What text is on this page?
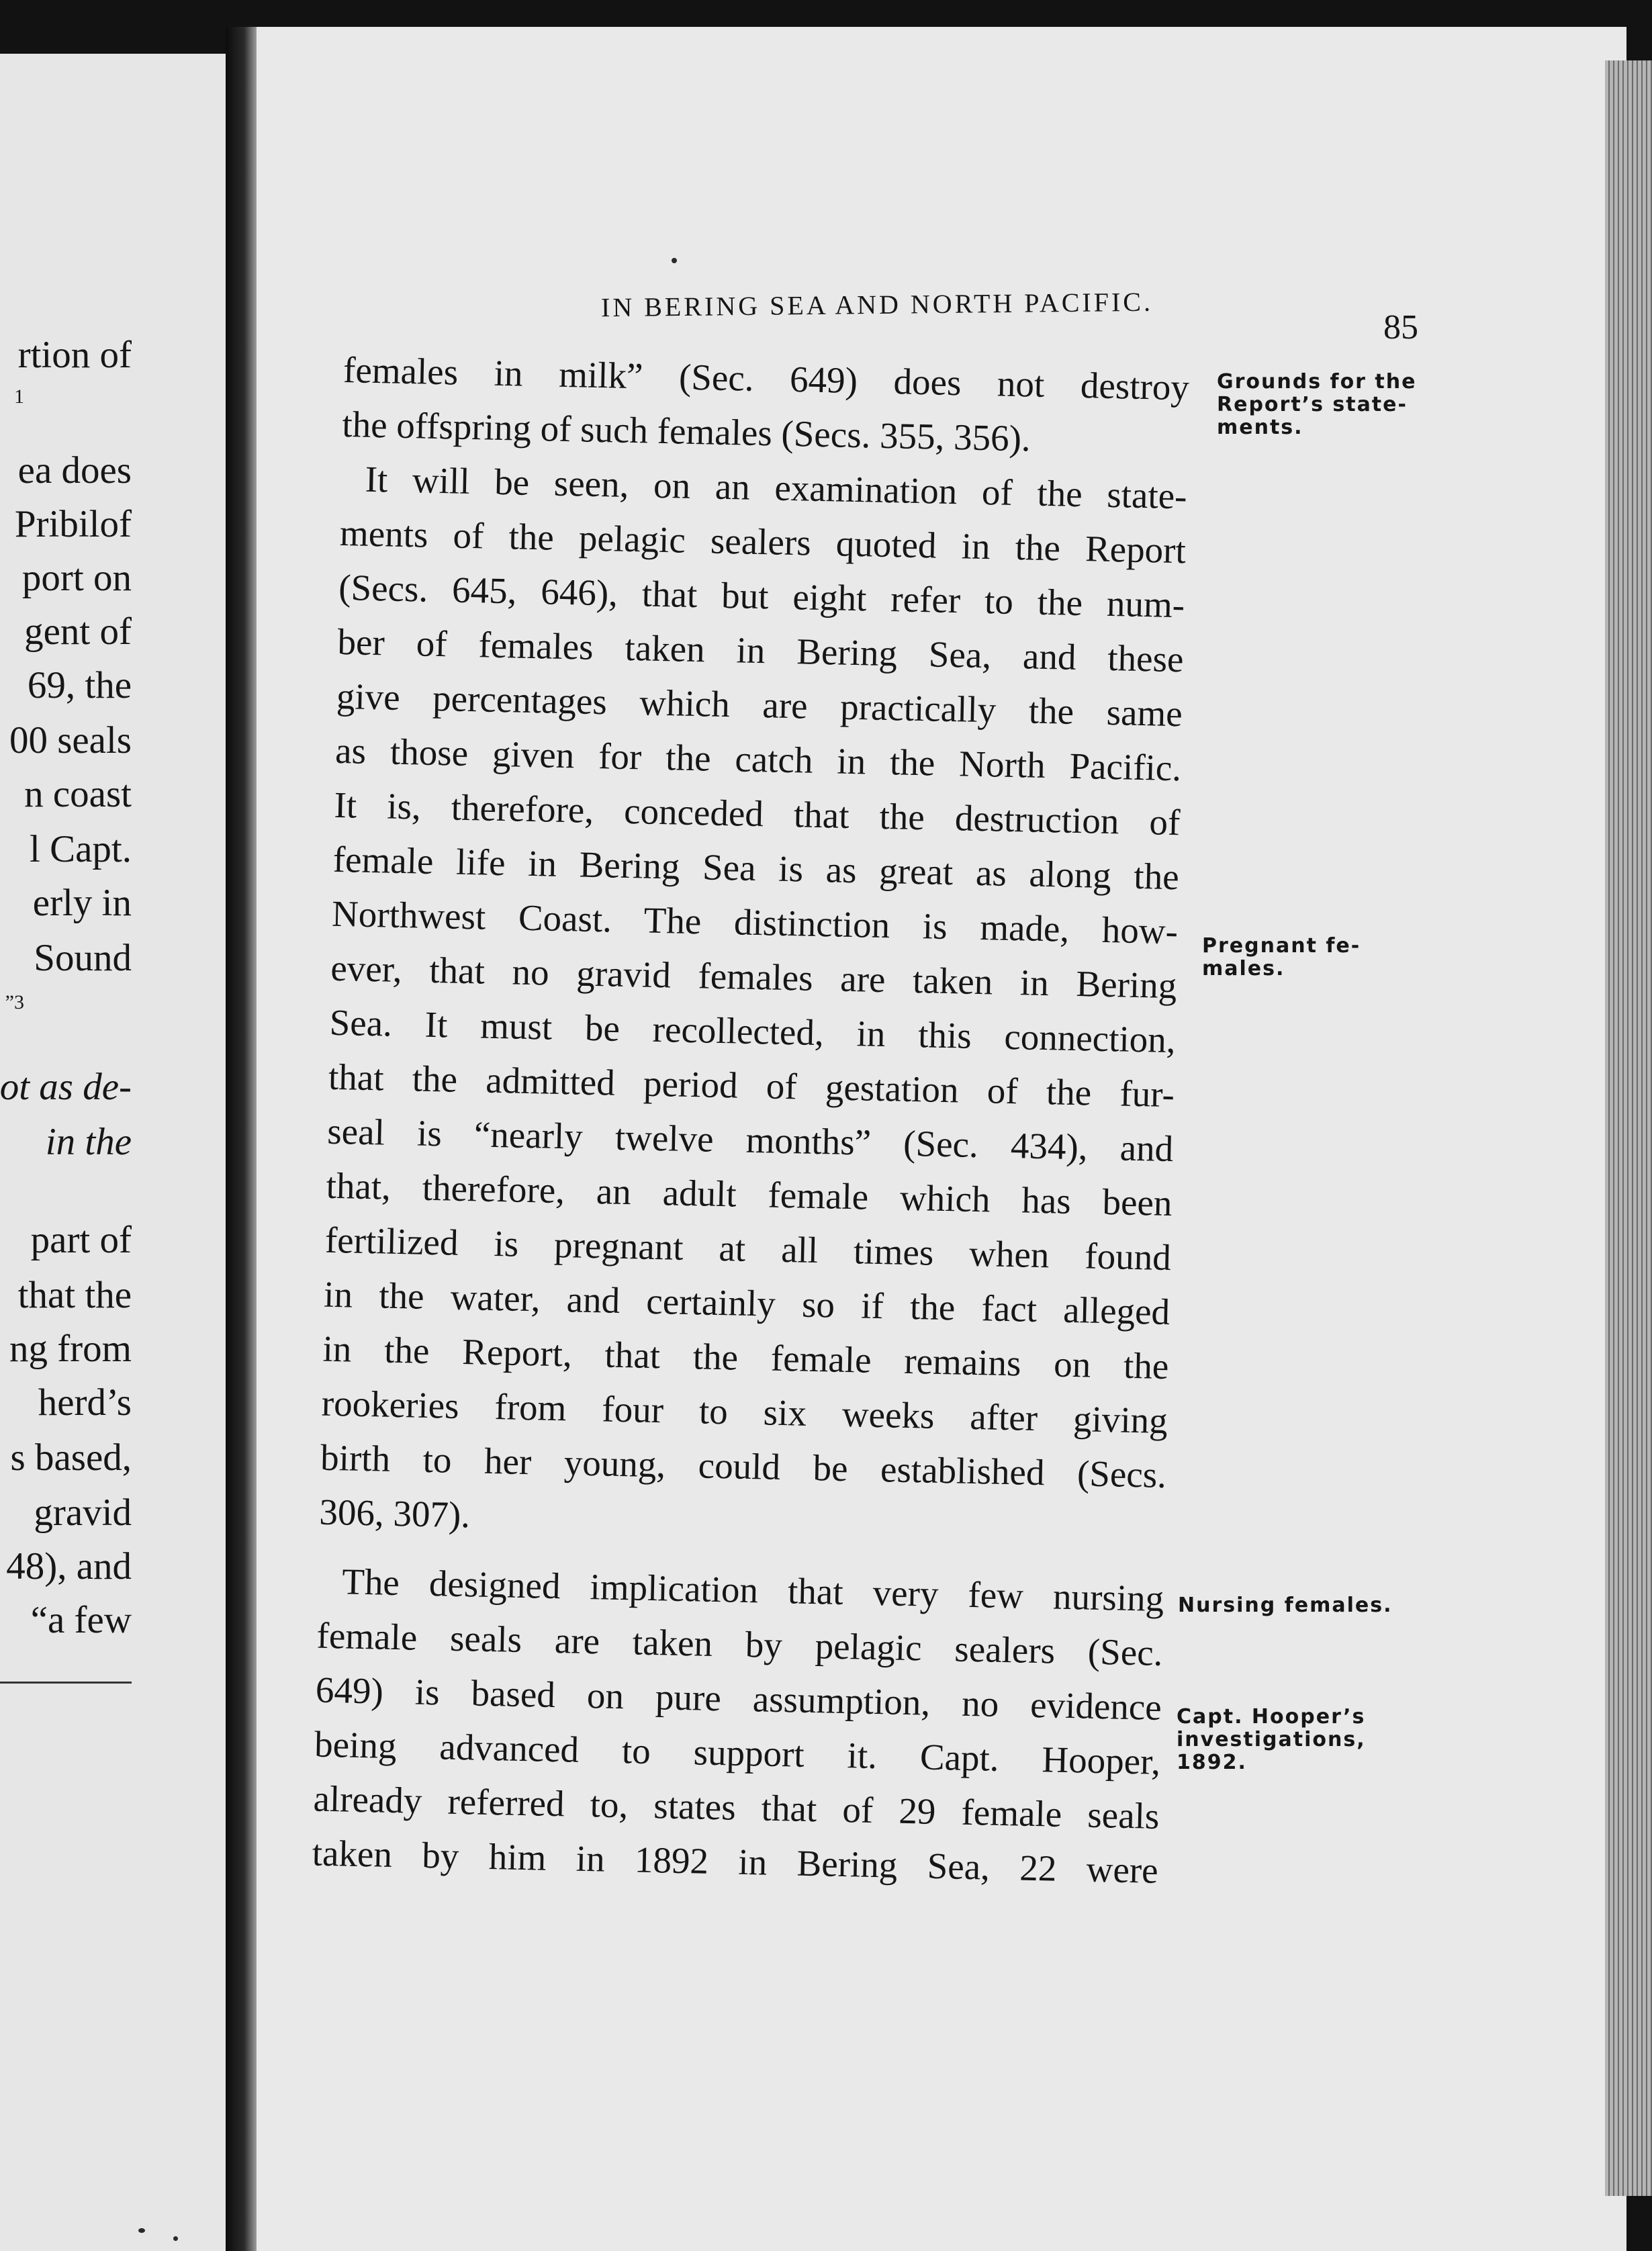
rtion of
1
ea does
Pribilof
port on
gent of
69, the
00 seals
n coast
l Capt.
erly in
Sound
”3
ot as de-
in the
part of
that the
ng from
herd’s
s based,
gravid
48), and
“a few
IN BERING SEA AND NORTH PACIFIC.
85
females in milk” (Sec. 649) does not destroy
the offspring of such females (Secs. 355, 356).
It will be seen, on an examination of the state-
ments of the pelagic sealers quoted in the Report
(Secs. 645, 646), that but eight refer to the num-
ber of females taken in Bering Sea, and these
give percentages which are practically the same
as those given for the catch in the North Pacific.
It is, therefore, conceded that the destruction of
female life in Bering Sea is as great as along the
Northwest Coast. The distinction is made, how-
ever, that no gravid females are taken in Bering
Sea. It must be recollected, in this connection,
that the admitted period of gestation of the fur-
seal is “nearly twelve months” (Sec. 434), and
that, therefore, an adult female which has been
fertilized is pregnant at all times when found
in the water, and certainly so if the fact alleged
in the Report, that the female remains on the
rookeries from four to six weeks after giving
birth to her young, could be established (Secs.
306, 307).
The designed implication that very few nursing
female seals are taken by pelagic sealers (Sec.
649) is based on pure assumption, no evidence
being advanced to support it. Capt. Hooper,
already referred to, states that of 29 female seals
taken by him in 1892 in Bering Sea, 22 were
Grounds for the
Report’s state-
ments.
Pregnant fe-
males.
Nursing females.
Capt. Hooper’s
investigations,
1892.
